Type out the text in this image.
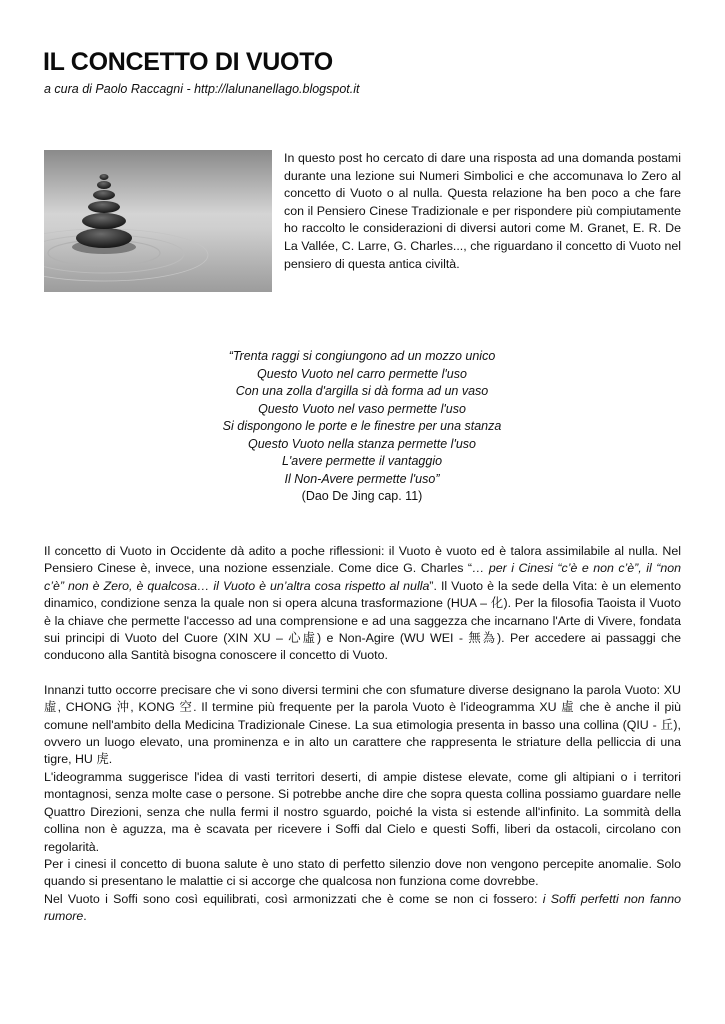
IL CONCETTO DI VUOTO
a cura di Paolo Raccagni - http://lalunanellago.blogspot.it

In questo post ho cercato di dare una risposta ad una domanda postami durante una lezione sui Numeri Simbolici e che accomunava lo Zero al concetto di Vuoto o al nulla. Questa relazione ha ben poco a che fare con il Pensiero Cinese Tradizionale e per rispondere più compiutamente ho raccolto le considerazioni di diversi autori come M. Granet, E. R. De La Vallée, C. Larre, G. Charles..., che riguardano il concetto di Vuoto nel pensiero di questa antica civiltà.

“Trenta raggi si congiungono ad un mozzo unico
Questo Vuoto nel carro permette l'uso
Con una zolla d'argilla si dà forma ad un vaso
Questo Vuoto nel vaso permette l'uso
Si dispongono le porte e le finestre per una stanza
Questo Vuoto nella stanza permette l'uso
L'avere permette il vantaggio
Il Non-Avere permette l'uso”
(Dao De Jing cap. 11)

Il concetto di Vuoto in Occidente dà adito a poche riflessioni: il Vuoto è vuoto ed è talora assimilabile al nulla. Nel Pensiero Cinese è, invece, una nozione essenziale. Come dice G. Charles “… per i Cinesi “c’è e non c’è”, il “non c’è” non è Zero, è qualcosa… il Vuoto è un’altra cosa rispetto al nulla”. Il Vuoto è la sede della Vita: è un elemento dinamico, condizione senza la quale non si opera alcuna trasformazione (HUA – 化). Per la filosofia Taoista il Vuoto è la chiave che permette l'accesso ad una comprensione e ad una saggezza che incarnano l'Arte di Vivere, fondata sui principi di Vuoto del Cuore (XIN XU – 心虛) e Non-Agire (WU WEI - 無為). Per accedere ai passaggi che conducono alla Santità bisogna conoscere il concetto di Vuoto.

Innanzi tutto occorre precisare che vi sono diversi termini che con sfumature diverse designano la parola Vuoto: XU 虛, CHONG 沖, KONG 空. Il termine più frequente per la parola Vuoto è l'ideogramma XU 虛 che è anche il più comune nell'ambito della Medicina Tradizionale Cinese. La sua etimologia presenta in basso una collina (QIU - 丘), ovvero un luogo elevato, una prominenza e in alto un carattere che rappresenta le striature della pelliccia di una tigre, HU 虎.

L'ideogramma suggerisce l'idea di vasti territori deserti, di ampie distese elevate, come gli altipiani o i territori montagnosi, senza molte case o persone. Si potrebbe anche dire che sopra questa collina possiamo guardare nelle Quattro Direzioni, senza che nulla fermi il nostro sguardo, poiché la vista si estende all'infinito. La sommità della collina non è aguzza, ma è scavata per ricevere i Soffi dal Cielo e questi Soffi, liberi da ostacoli, circolano con regolarità.

Per i cinesi il concetto di buona salute è uno stato di perfetto silenzio dove non vengono percepite anomalie. Solo quando si presentano le malattie ci si accorge che qualcosa non funziona come dovrebbe.

Nel Vuoto i Soffi sono così equilibrati, così armonizzati che è come se non ci fossero: i Soffi perfetti non fanno rumore.
